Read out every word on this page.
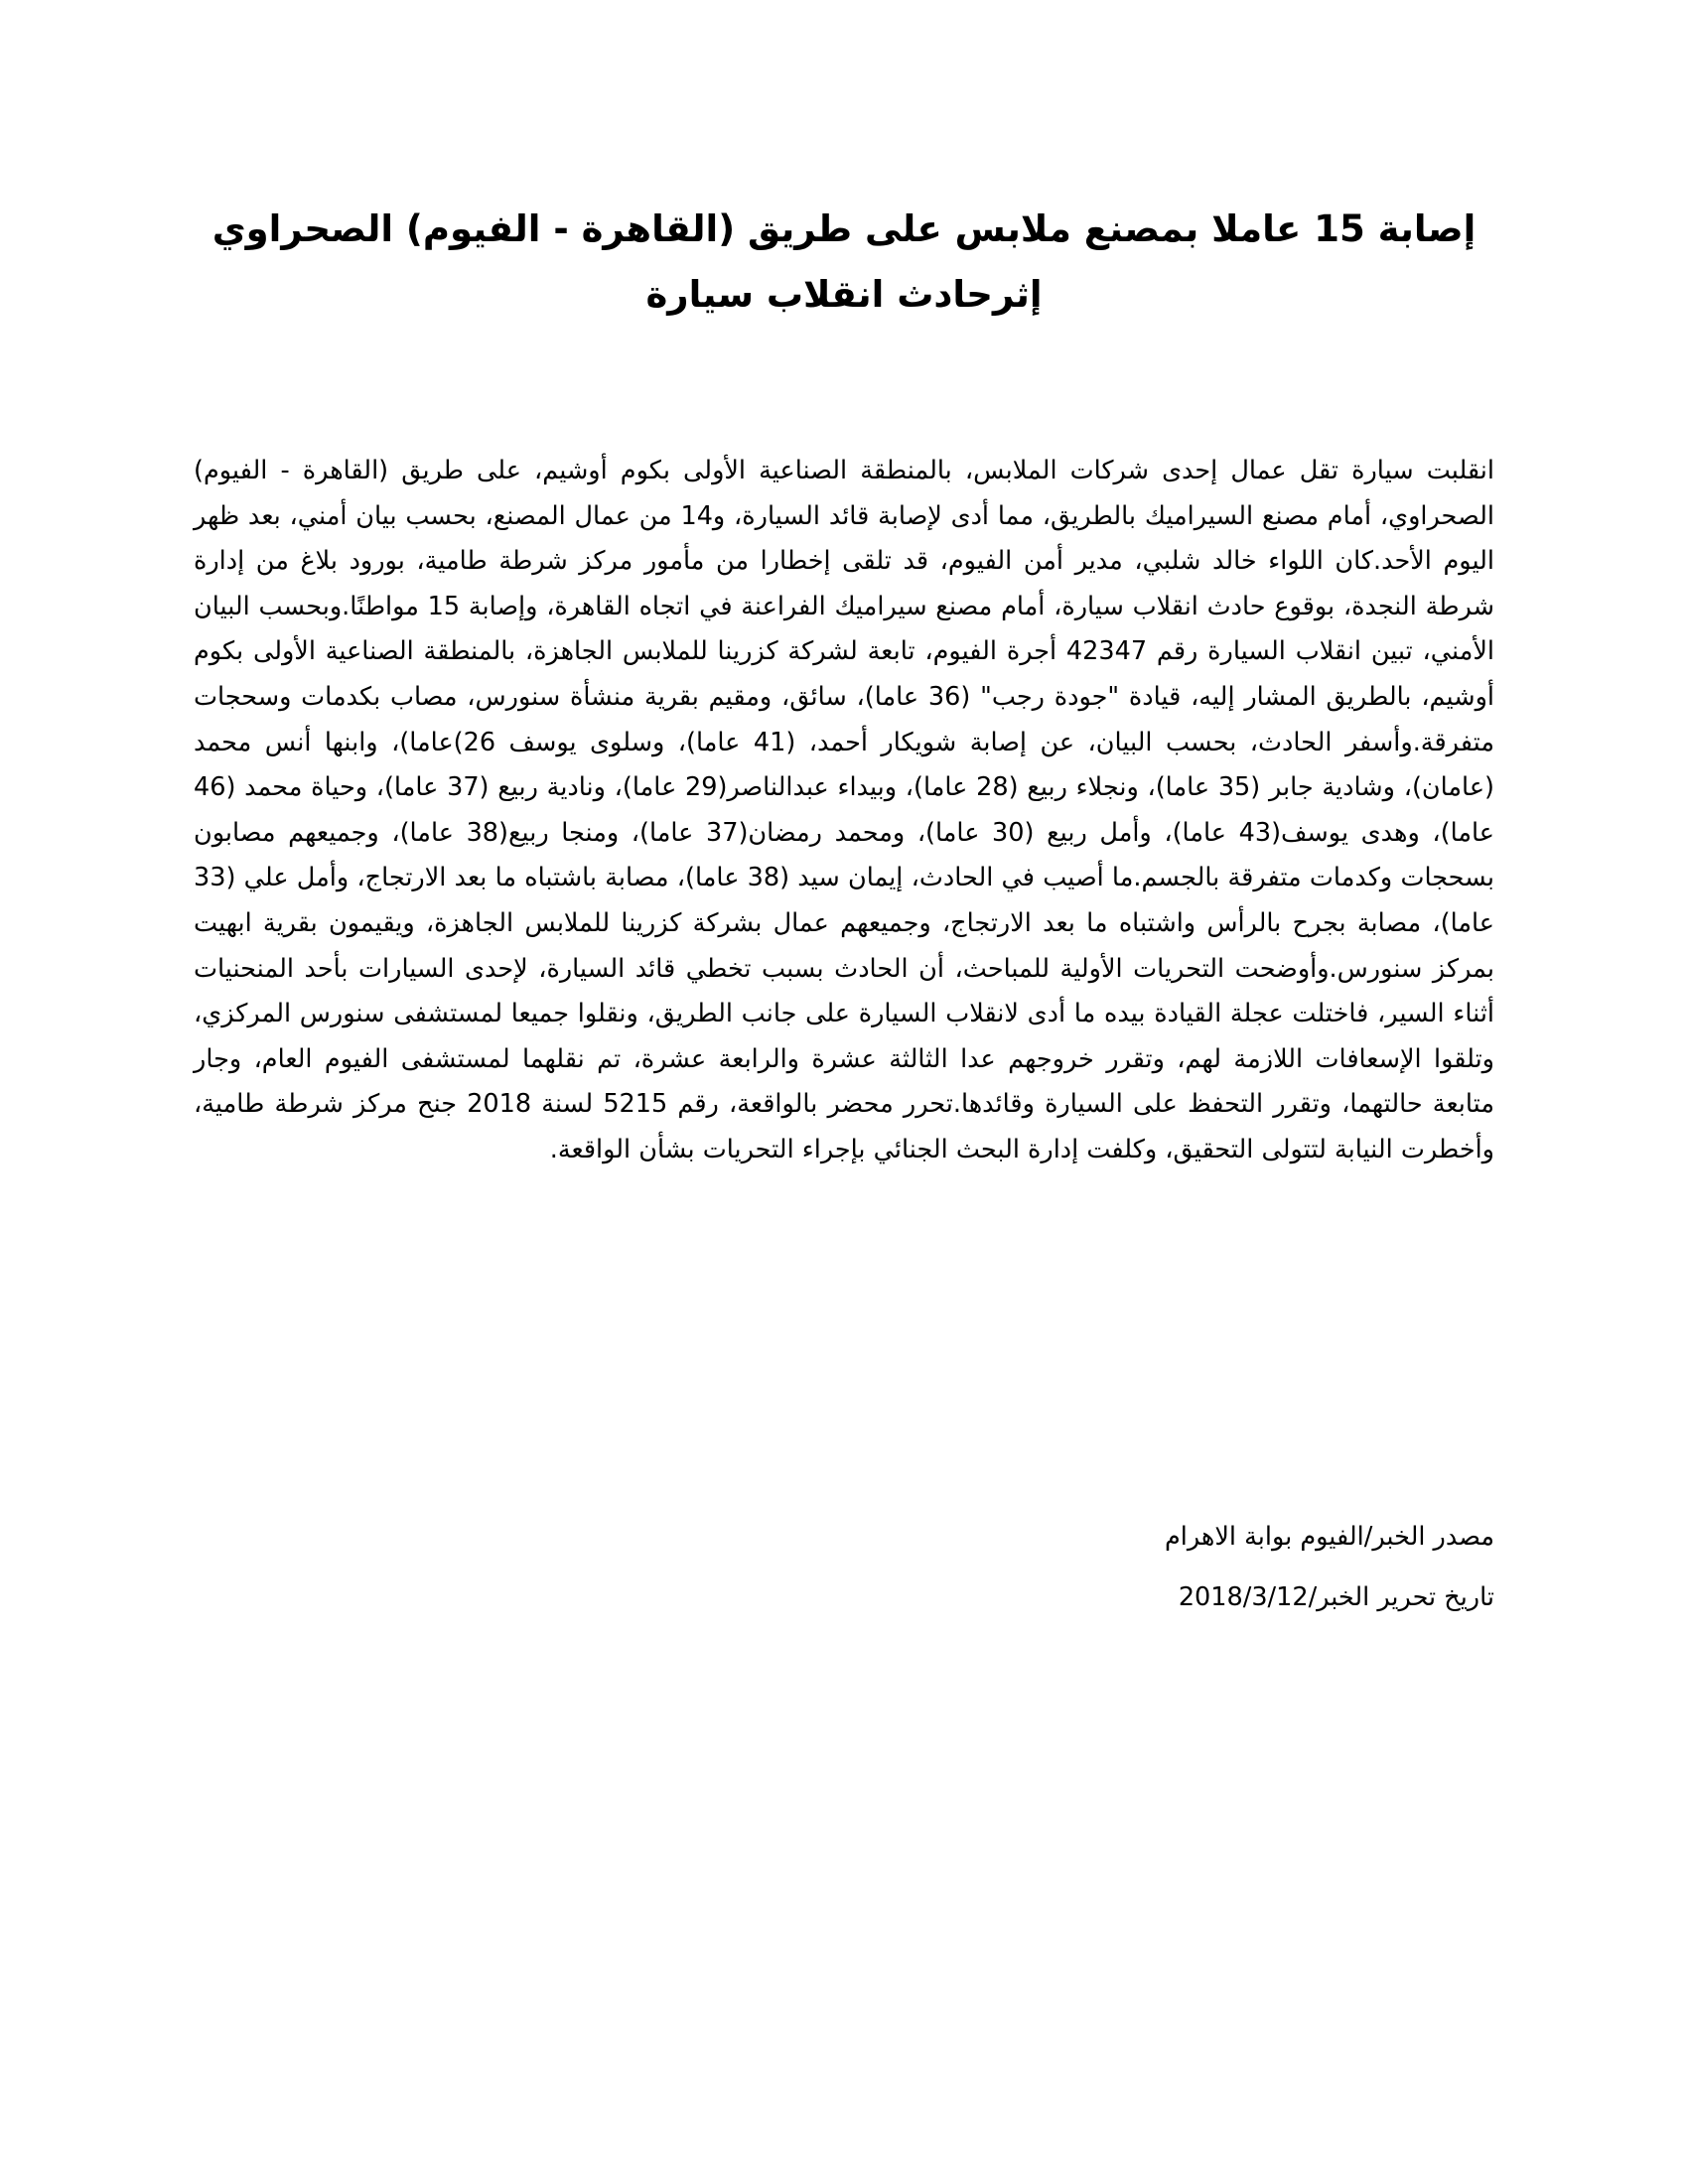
إصابة 15 عاملا بمصنع ملابس على طريق (القاهرة - الفيوم) الصحراوي
إثرحادث انقلاب سيارة

انقلبت سيارة تقل عمال إحدى شركات الملابس، بالمنطقة الصناعية الأولى بكوم أوشيم، على طريق (القاهرة - الفيوم) الصحراوي، أمام مصنع السيراميك بالطريق، مما أدى لإصابة قائد السيارة، و14 من عمال المصنع، بحسب بيان أمني، بعد ظهر اليوم الأحد.كان اللواء خالد شلبي، مدير أمن الفيوم، قد تلقى إخطارا من مأمور مركز شرطة طامية، بورود بلاغ من إدارة شرطة النجدة، بوقوع حادث انقلاب سيارة، أمام مصنع سيراميك الفراعنة في اتجاه القاهرة، وإصابة 15 مواطنًا.وبحسب البيان الأمني، تبين انقلاب السيارة رقم 42347 أجرة الفيوم، تابعة لشركة كزرينا للملابس الجاهزة، بالمنطقة الصناعية الأولى بكوم أوشيم، بالطريق المشار إليه، قيادة "جودة رجب" (36 عاما)، سائق، ومقيم بقرية منشأة سنورس، مصاب بكدمات وسحجات متفرقة.وأسفر الحادث، بحسب البيان، عن إصابة شويكار أحمد، (41 عاما)، وسلوى يوسف 26)عاما)، وابنها أنس محمد (عامان)، وشادية جابر (35 عاما)، ونجلاء ربيع (28 عاما)، وبيداء عبدالناصر(29 عاما)، ونادية ربيع (37 عاما)، وحياة محمد (46 عاما)، وهدى يوسف(43 عاما)، وأمل ربيع (30 عاما)، ومحمد رمضان(37 عاما)، ومنجا ربيع(38 عاما)، وجميعهم مصابون بسحجات وكدمات متفرقة بالجسم.ما أصيب في الحادث، إيمان سيد (38 عاما)، مصابة باشتباه ما بعد الارتجاج، وأمل علي (33 عاما)، مصابة بجرح بالرأس واشتباه ما بعد الارتجاج، وجميعهم عمال بشركة كزرينا للملابس الجاهزة، ويقيمون بقرية ابهيت بمركز سنورس.وأوضحت التحريات الأولية للمباحث، أن الحادث بسبب تخطي قائد السيارة، لإحدى السيارات بأحد المنحنيات أثناء السير، فاختلت عجلة القيادة بيده ما أدى لانقلاب السيارة على جانب الطريق، ونقلوا جميعا لمستشفى سنورس المركزي، وتلقوا الإسعافات اللازمة لهم، وتقرر خروجهم عدا الثالثة عشرة والرابعة عشرة، تم نقلهما لمستشفى الفيوم العام، وجار متابعة حالتهما، وتقرر التحفظ على السيارة وقائدها.تحرر محضر بالواقعة، رقم 5215 لسنة 2018 جنح مركز شرطة طامية، وأخطرت النيابة لتتولى التحقيق، وكلفت إدارة البحث الجنائي بإجراء التحريات بشأن الواقعة.

مصدر الخبر/الفيوم بوابة الاهرام
تاريخ تحرير الخبر/2018/3/12
